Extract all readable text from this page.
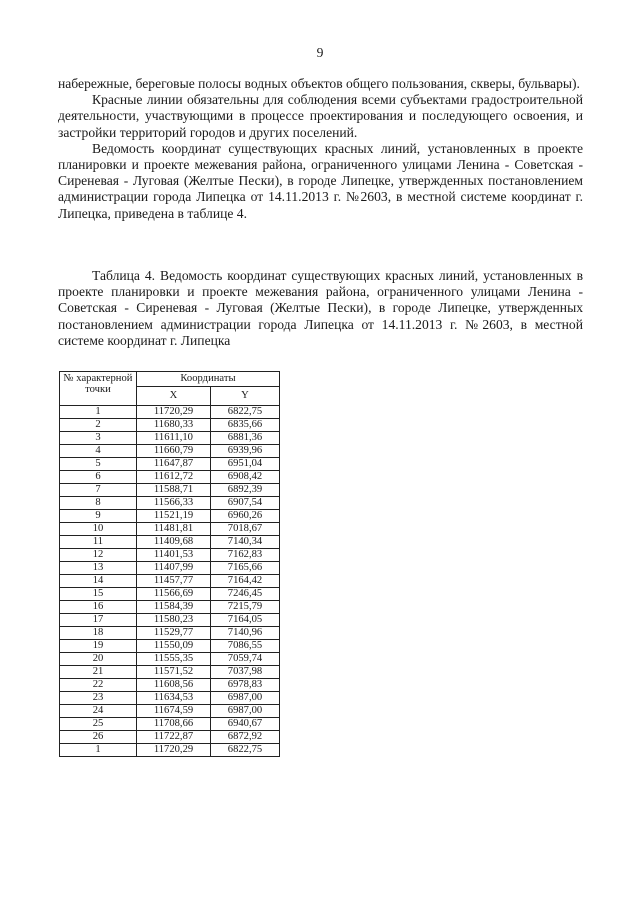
9

набережные, береговые полосы водных объектов общего пользования, скверы, бульвары).

Красные линии обязательны для соблюдения всеми субъектами градостроительной деятельности, участвующими в процессе проектирования и последующего освоения, и застройки территорий городов и других поселений.

Ведомость координат существующих красных линий, установленных в проекте планировки и проекте межевания района, ограниченного улицами Ленина - Советская - Сиреневая - Луговая (Желтые Пески), в городе Липецке, утвержденных постановлением администрации города Липецка от 14.11.2013 г. №2603, в местной системе координат г. Липецка, приведена в таблице 4.

Таблица 4. Ведомость координат существующих красных линий, установленных в проекте планировки и проекте межевания района, ограниченного улицами Ленина - Советская - Сиреневая - Луговая (Желтые Пески), в городе Липецке, утвержденных постановлением администрации города Липецка от 14.11.2013 г. №2603, в местной системе координат г. Липецка

№ характерной точки	Координаты	
	X	Y
1	11720,29	6822,75
2	11680,33	6835,66
3	11611,10	6881,36
4	11660,79	6939,96
5	11647,87	6951,04
6	11612,72	6908,42
7	11588,71	6892,39
8	11566,33	6907,54
9	11521,19	6960,26
10	11481,81	7018,67
11	11409,68	7140,34
12	11401,53	7162,83
13	11407,99	7165,66
14	11457,77	7164,42
15	11566,69	7246,45
16	11584,39	7215,79
17	11580,23	7164,05
18	11529,77	7140,96
19	11550,09	7086,55
20	11555,35	7059,74
21	11571,52	7037,98
22	11608,56	6978,83
23	11634,53	6987,00
24	11674,59	6987,00
25	11708,66	6940,67
26	11722,87	6872,92
1	11720,29	6822,75
